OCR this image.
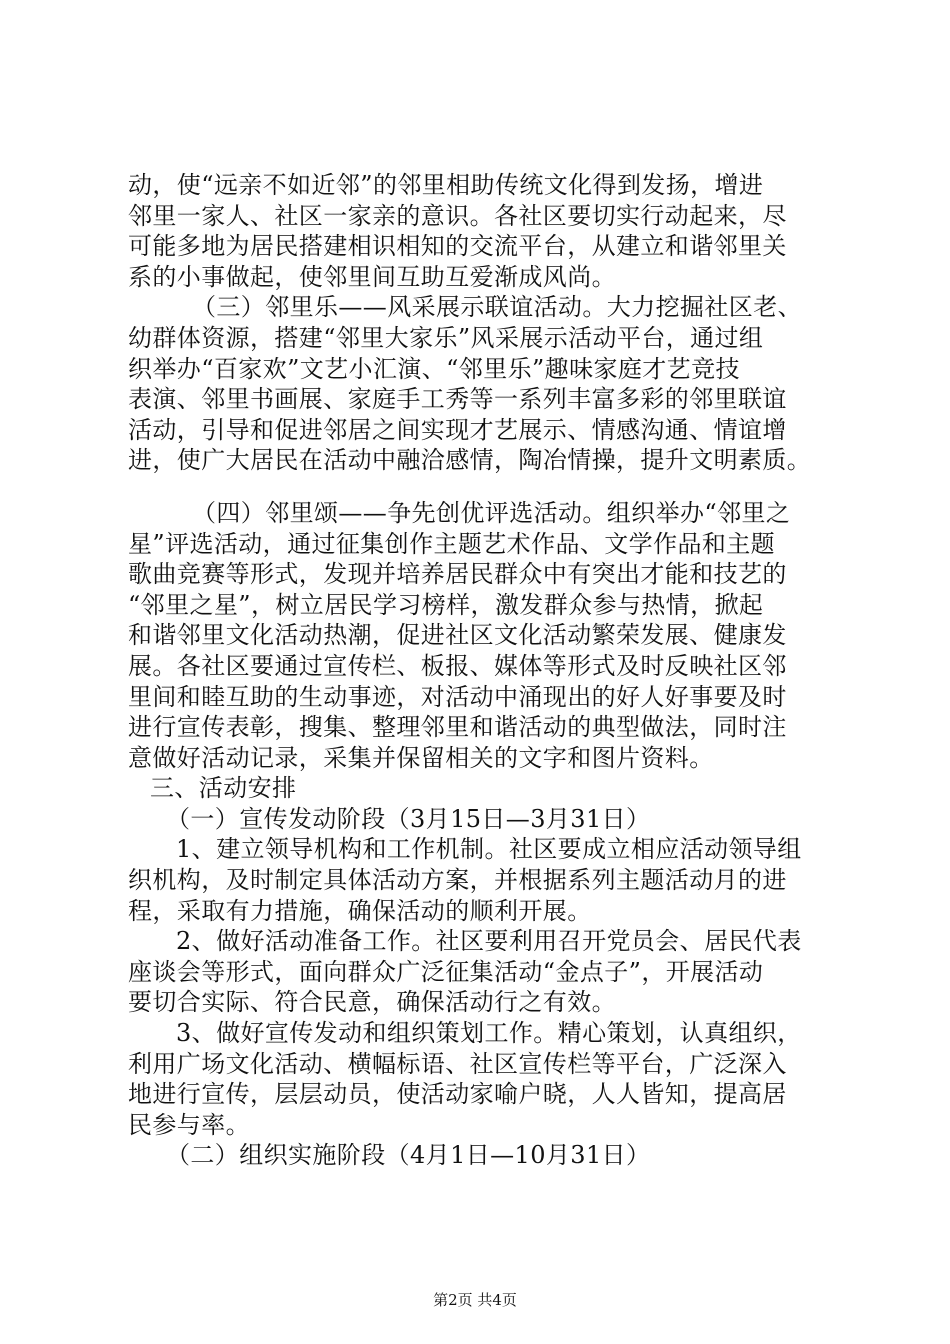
动，使“远亲不如近邻”的邻里相助传统文化得到发扬，增进
邻里一家人、社区一家亲的意识。各社区要切实行动起来，尽
可能多地为居民搭建相识相知的交流平台，从建立和谐邻里关
系的小事做起，使邻里间互助互爱渐成风尚。
（三）邻里乐——风采展示联谊活动。大力挖掘社区老、
幼群体资源，搭建“邻里大家乐”风采展示活动平台，通过组
织举办“百家欢”文艺小汇演、“邻里乐”趣味家庭才艺竞技
表演、邻里书画展、家庭手工秀等一系列丰富多彩的邻里联谊
活动，引导和促进邻居之间实现才艺展示、情感沟通、情谊增
进，使广大居民在活动中融洽感情，陶冶情操，提升文明素质。
（四）邻里颂——争先创优评选活动。组织举办“邻里之
星”评选活动，通过征集创作主题艺术作品、文学作品和主题
歌曲竞赛等形式，发现并培养居民群众中有突出才能和技艺的
“邻里之星”，树立居民学习榜样，激发群众参与热情，掀起
和谐邻里文化活动热潮，促进社区文化活动繁荣发展、健康发
展。各社区要通过宣传栏、板报、媒体等形式及时反映社区邻
里间和睦互助的生动事迹，对活动中涌现出的好人好事要及时
进行宣传表彰，搜集、整理邻里和谐活动的典型做法，同时注
意做好活动记录，采集并保留相关的文字和图片资料。
三、活动安排
（一）宣传发动阶段（3月15日—3月31日）
1、建立领导机构和工作机制。社区要成立相应活动领导组
织机构，及时制定具体活动方案，并根据系列主题活动月的进
程，采取有力措施，确保活动的顺利开展。
2、做好活动准备工作。社区要利用召开党员会、居民代表
座谈会等形式，面向群众广泛征集活动“金点子”，开展活动
要切合实际、符合民意，确保活动行之有效。
3、做好宣传发动和组织策划工作。精心策划，认真组织，
利用广场文化活动、横幅标语、社区宣传栏等平台，广泛深入
地进行宣传，层层动员，使活动家喻户晓，人人皆知，提高居
民参与率。
（二）组织实施阶段（4月1日—10月31日）
第2页 共4页
